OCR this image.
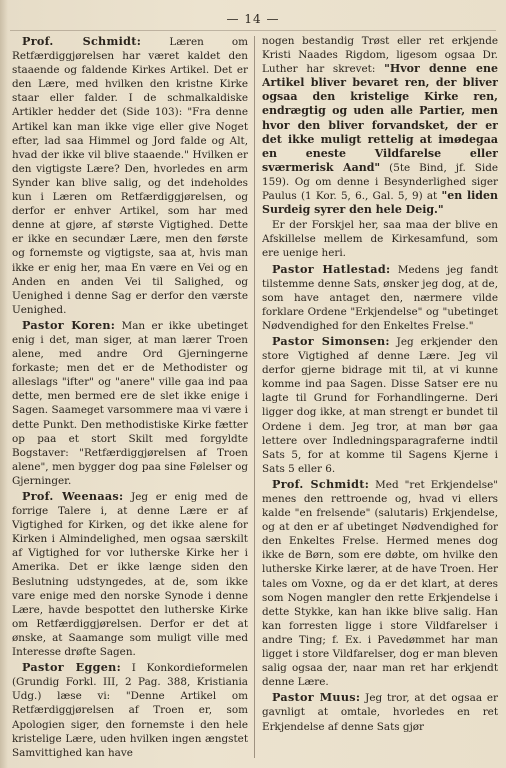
— 14 —

Prof. Schmidt:	Læren om Retfærdiggjørelsen har været kaldet den staaende og faldende Kirkes Artikel. Det er den Lære, med hvilken den kristne Kirke staar eller falder. I de schmalkaldiske Artikler hedder det (Side 103): "Fra denne Artikel kan man ikke vige eller give Noget efter, lad saa Himmel og Jord falde og Alt, hvad der ikke vil blive staaende." Hvilken er den vigtigste Lære? Den, hvorledes en arm Synder kan blive salig, og det indeholdes kun i Læren om Retfærdiggjørelsen, og derfor er enhver Artikel, som har med denne at gjøre, af største Vigtighed. Dette er ikke en secundær Lære, men den første og fornemste og vigtigste, saa at, hvis man ikke er enig her, maa En være en Vei og en Anden en anden Vei til Salighed, og Uenighed i denne Sag er derfor den værste Uenighed.

Pastor Koren: Man er ikke ubetinget enig i det, man siger, at man lærer Troen alene, med andre Ord Gjerningerne forkaste; men det er de Methodister og alleslags "ifter" og "anere" ville gaa ind paa dette, men bermed ere de slet ikke enige i Sagen. Saameget varsommere maa vi være i dette Punkt. Den methodistiske Kirke fætter op paa et stort Skilt med forgyldte Bogstaver: "Retfærdiggjørelsen af Troen alene", men bygger dog paa sine Følelser og Gjerninger.

Prof. Weenaas: Jeg er enig med de forrige Talere i, at denne Lære er af Vigtighed for Kirken, og det ikke alene for Kirken i Almindelighed, men ogsaa særskilt af Vigtighed for vor lutherske Kirke her i Amerika. Det er ikke længe siden den Beslutning udstyngedes, at de, som ikke vare enige med den norske Synode i denne Lære, havde bespottet den lutherske Kirke om Retfærdiggjørelsen. Derfor er det at ønske, at Saamange som muligt ville med Interesse drøfte Sagen.

Pastor Eggen: I Konkordieformelen (Grundig Forkl. III, 2 Pag. 388, Kristiania Udg.) læse vi: "Denne Artikel om Retfærdiggjørelsen af Troen er, som Apologien siger, den fornemste i den hele kristelige Lære, uden hvilken ingen ængstet Samvittighed kan have

nogen bestandig Trøst eller ret erkjende Kristi Naades Rigdom, ligesom ogsaa Dr. Luther har skrevet: "Hvor denne ene Artikel bliver bevaret ren, der bliver ogsaa den kristelige Kirke ren, endrægtig og uden alle Partier, men hvor den bliver forvandsket, der er det ikke muligt rettelig at imødegaa en eneste Vildfarelse eller sværmerisk Aand" (5te Bind, jf. Side 159). Og om denne i Besynderlighed siger Paulus (1 Kor. 5, 6., Gal. 5, 9) at "en liden Surdeig syrer den hele Deig."

Er der Forskjel her, saa maa der blive en Afskillelse mellem de Kirkesamfund, som ere uenige heri.

Pastor Hatlestad: Medens jeg fandt tilstemme denne Sats, ønsker jeg dog, at de, som have antaget den, nærmere vilde forklare Ordene "Erkjendelse" og "ubetinget Nødvendighed for den Enkeltes Frelse."

Pastor Simonsen: Jeg erkjender den store Vigtighed af denne Lære. Jeg vil derfor gjerne bidrage mit til, at vi kunne komme ind paa Sagen. Disse Satser ere nu lagte til Grund for Forhandlingerne. Deri ligger dog ikke, at man strengt er bundet til Ordene i dem. Jeg tror, at man bør gaa lettere over Indledningsparagraferne indtil Sats 5, for at komme til Sagens Kjerne i Sats 5 eller 6.

Prof. Schmidt: Med "ret Erkjendelse" menes den rettroende og, hvad vi ellers kalde "en frelsende" (salutaris) Erkjendelse, og at den er af ubetinget Nødvendighed for den Enkeltes Frelse. Hermed menes dog ikke de Børn, som ere døbte, om hvilke den lutherske Kirke lærer, at de have Troen. Her tales om Voxne, og da er det klart, at deres som Nogen mangler den rette Erkjendelse i dette Stykke, kan han ikke blive salig. Han kan forresten ligge i store Vildfarelser i andre Ting; f. Ex. i Pavedømmet har man ligget i store Vildfarelser, dog er man bleven salig ogsaa der, naar man ret har erkjendt denne Lære.

Pastor Muus: Jeg tror, at det ogsaa er gavnligt at omtale, hvorledes en ret Erkjendelse af denne Sats gjør
